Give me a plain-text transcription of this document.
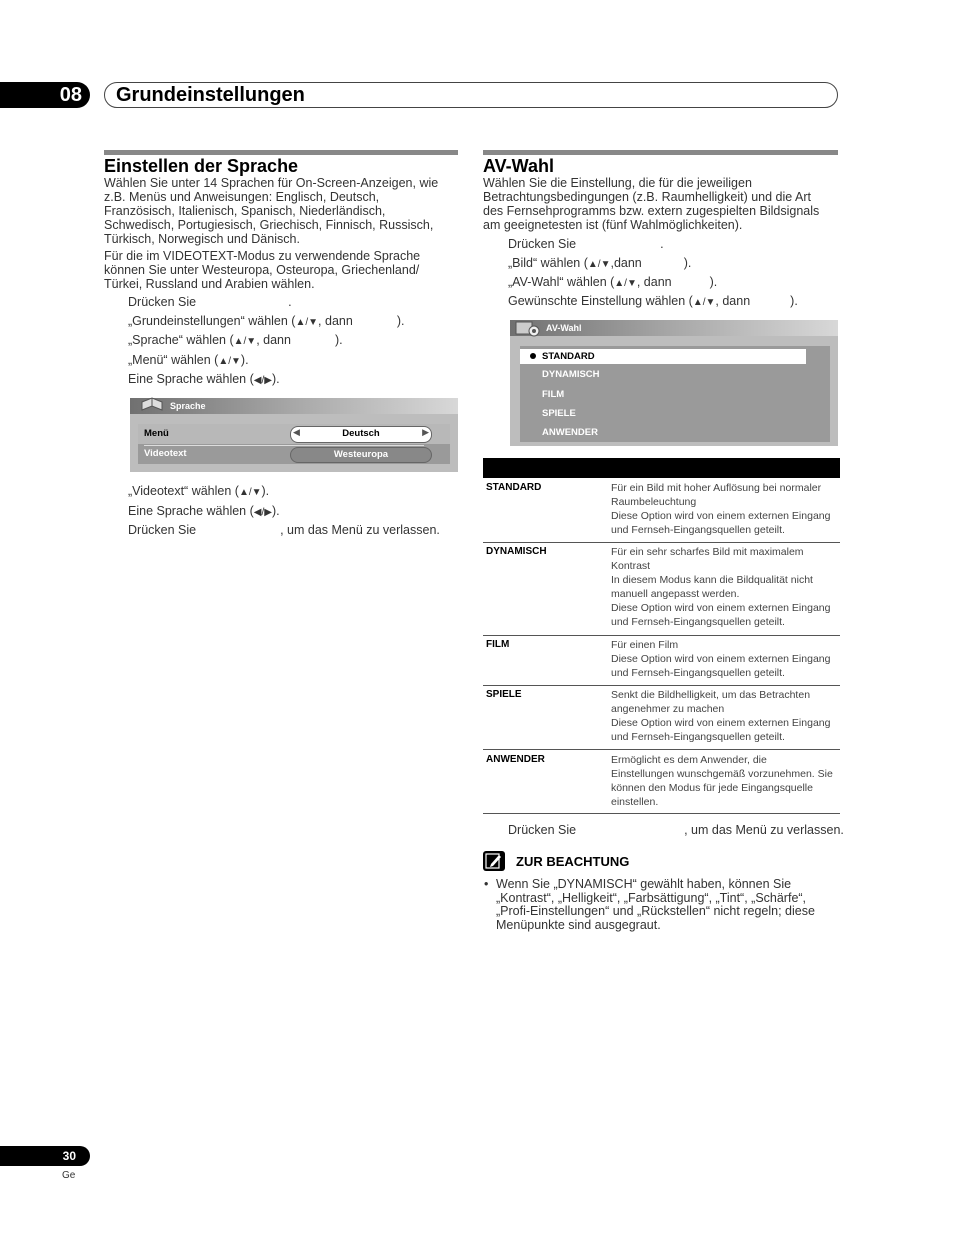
08	Grundeinstellungen
Einstellen der Sprache
Wählen Sie unter 14 Sprachen für On-Screen-Anzeigen, wie
z.B. Menüs und Anweisungen: Englisch, Deutsch,
Französisch, Italienisch, Spanisch, Niederländisch,
Schwedisch, Portugiesisch, Griechisch, Finnisch, Russisch,
Türkisch, Norwegisch und Dänisch.
Für die im VIDEOTEXT-Modus zu verwendende Sprache
können Sie unter Westeuropa, Osteuropa, Griechenland/
Türkei, Russland und Arabien wählen.
Drücken Sie	.
„Grundeinstellungen“ wählen (▲/▼, dann	).
„Sprache“ wählen (▲/▼, dann	).
„Menü“ wählen (▲/▼).
Eine Sprache wählen (◀/▶).
Sprache
Menü	◀	Deutsch	▶
Videotext	Westeuropa
„Videotext“ wählen (▲/▼).
Eine Sprache wählen (◀/▶).
Drücken Sie	, um das Menü zu verlassen.
AV-Wahl
Wählen Sie die Einstellung, die für die jeweiligen
Betrachtungsbedingungen (z.B. Raumhelligkeit) und die Art
des Fernsehprogramms bzw. extern zugespielten Bildsignals
am geeignetesten ist (fünf Wahlmöglichkeiten).
Drücken Sie	.
„Bild“ wählen (▲/▼,dann	).
„AV-Wahl“ wählen (▲/▼, dann	).
Gewünschte Einstellung wählen (▲/▼, dann	).
AV-Wahl
STANDARD
DYNAMISCH
FILM
SPIELE
ANWENDER
STANDARD	Für ein Bild mit hoher Auflösung bei normaler
Raumbeleuchtung
Diese Option wird von einem externen Eingang
und Fernseh-Eingangsquellen geteilt.
DYNAMISCH	Für ein sehr scharfes Bild mit maximalem
Kontrast
In diesem Modus kann die Bildqualität nicht
manuell angepasst werden.
Diese Option wird von einem externen Eingang
und Fernseh-Eingangsquellen geteilt.
FILM	Für einen Film
Diese Option wird von einem externen Eingang
und Fernseh-Eingangsquellen geteilt.
SPIELE	Senkt die Bildhelligkeit, um das Betrachten
angenehmer zu machen
Diese Option wird von einem externen Eingang
und Fernseh-Eingangsquellen geteilt.
ANWENDER	Ermöglicht es dem Anwender, die
Einstellungen wunschgemäß vorzunehmen. Sie
können den Modus für jede Eingangsquelle
einstellen.
Drücken Sie	, um das Menü zu verlassen.
ZUR BEACHTUNG
• Wenn Sie „DYNAMISCH“ gewählt haben, können Sie
„Kontrast“, „Helligkeit“, „Farbsättigung“, „Tint“, „Schärfe“,
„Profi-Einstellungen“ und „Rückstellen“ nicht regeln; diese
Menüpunkte sind ausgegraut.
30
Ge
